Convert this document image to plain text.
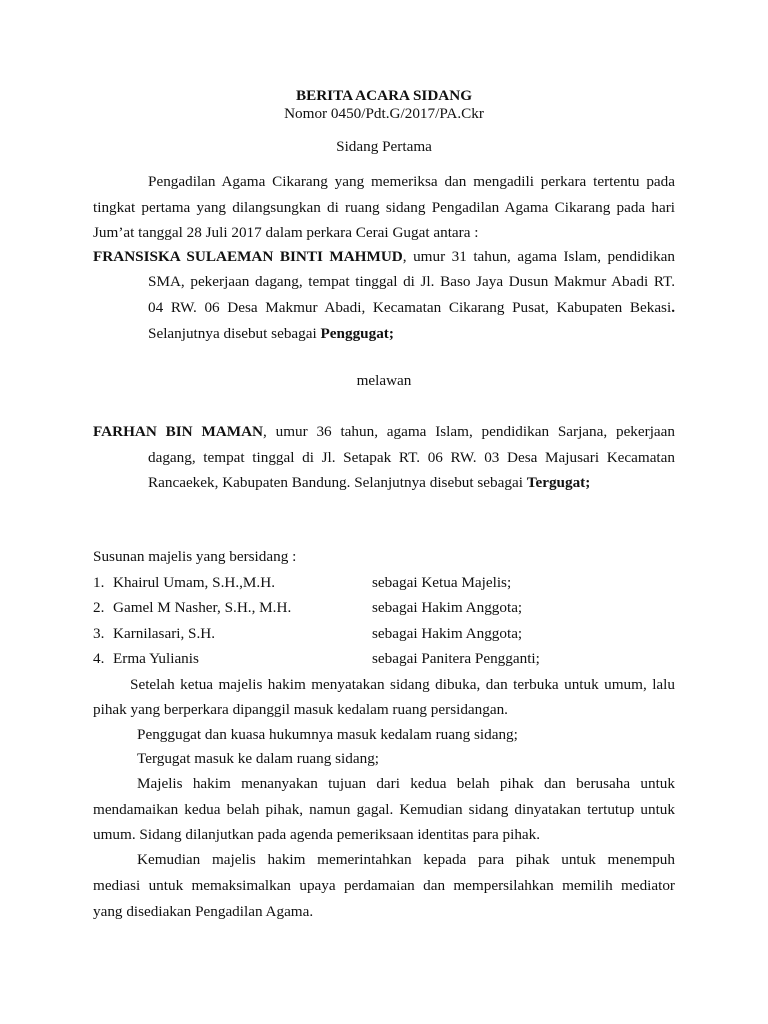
BERITA ACARA SIDANG
Nomor 0450/Pdt.G/2017/PA.Ckr
Sidang Pertama
Pengadilan Agama Cikarang yang memeriksa dan mengadili perkara tertentu pada
tingkat pertama yang dilangsungkan di ruang sidang Pengadilan Agama Cikarang pada hari
Jum’at tanggal 28 Juli 2017 dalam perkara Cerai Gugat antara :
FRANSISKA SULAEMAN BINTI MAHMUD, umur 31 tahun, agama Islam, pendidikan
SMA, pekerjaan dagang, tempat tinggal di Jl. Baso Jaya Dusun Makmur Abadi RT.
04 RW. 06 Desa Makmur Abadi, Kecamatan Cikarang Pusat, Kabupaten Bekasi.
Selanjutnya disebut sebagai Penggugat;
melawan
FARHAN BIN MAMAN, umur 36 tahun, agama Islam, pendidikan Sarjana, pekerjaan
dagang, tempat tinggal di Jl. Setapak RT. 06 RW. 03 Desa Majusari Kecamatan
Rancaekek, Kabupaten Bandung. Selanjutnya disebut sebagai Tergugat;
Susunan majelis yang bersidang :
1. Khairul Umam, S.H.,M.H.	sebagai Ketua Majelis;
2. Gamel M Nasher, S.H., M.H.	sebagai Hakim Anggota;
3. Karnilasari, S.H.	sebagai Hakim Anggota;
4. Erma Yulianis	sebagai Panitera Pengganti;
Setelah ketua majelis hakim menyatakan sidang dibuka, dan terbuka untuk umum, lalu
pihak yang berperkara dipanggil masuk kedalam ruang persidangan.
Penggugat dan kuasa hukumnya masuk kedalam ruang sidang;
Tergugat masuk ke dalam ruang sidang;
Majelis hakim menanyakan tujuan dari kedua belah pihak dan berusaha untuk
mendamaikan kedua belah pihak, namun gagal. Kemudian sidang dinyatakan tertutup untuk
umum. Sidang dilanjutkan pada agenda pemeriksaan identitas para pihak.
Kemudian majelis hakim memerintahkan kepada para pihak untuk menempuh
mediasi untuk memaksimalkan upaya perdamaian dan mempersilahkan memilih mediator
yang disediakan Pengadilan Agama.
